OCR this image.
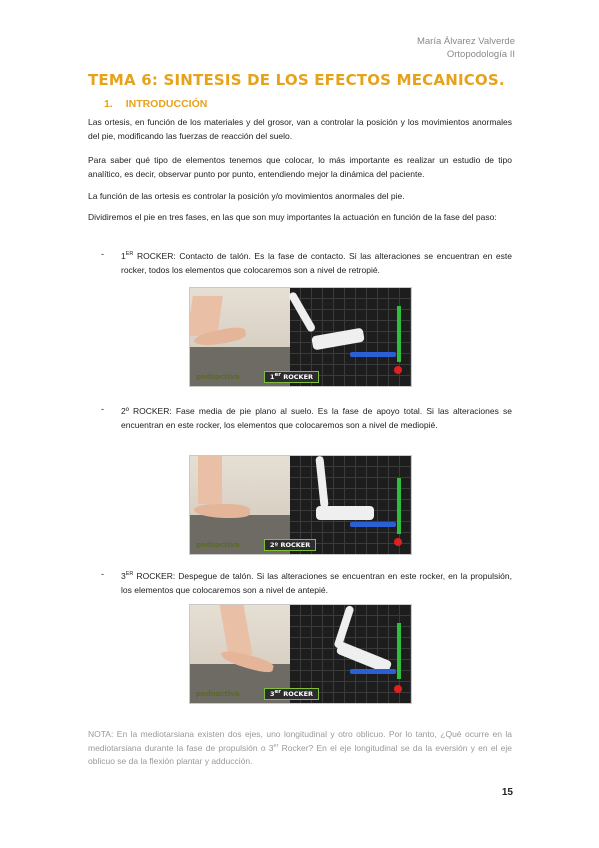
María Álvarez Valverde
Ortopodología II
TEMA 6: SINTESIS DE LOS EFECTOS MECANICOS.
1. INTRODUCCIÓN

Las ortesis, en función de los materiales y del grosor, van a controlar la posición y los movimientos anormales del pie, modificando las fuerzas de reacción del suelo.

Para saber qué tipo de elementos tenemos que colocar, lo más importante es realizar un estudio de tipo analítico, es decir, observar punto por punto, entendiendo mejor la dinámica del paciente.

La función de las ortesis es controlar la posición y/o movimientos anormales del pie.

Dividiremos el pie en tres fases, en las que son muy importantes la actuación en función de la fase del paso:

- 1ER ROCKER: Contacto de talón. Es la fase de contacto. Si las alteraciones se encuentran en este rocker, todos los elementos que colocaremos son a nivel de retropié.

podoactiva	1er ROCKER
- 2º ROCKER: Fase media de pie plano al suelo. Es la fase de apoyo total. Si las alteraciones se encuentran en este rocker, los elementos que colocaremos son a nivel de mediopié.

podoactiva	2º ROCKER
- 3ER ROCKER: Despegue de talón. Si las alteraciones se encuentran en este rocker, en la propulsión, los elementos que colocaremos son a nivel de antepié.

podoactiva	3er ROCKER

NOTA: En la mediotarsiana existen dos ejes, uno longitudinal y otro oblicuo. Por lo tanto, ¿Qué ocurre en la mediotarsiana durante la fase de propulsión o 3er Rocker? En el eje longitudinal se da la eversión y en el eje oblicuo se da la flexión plantar y adducción.

15
